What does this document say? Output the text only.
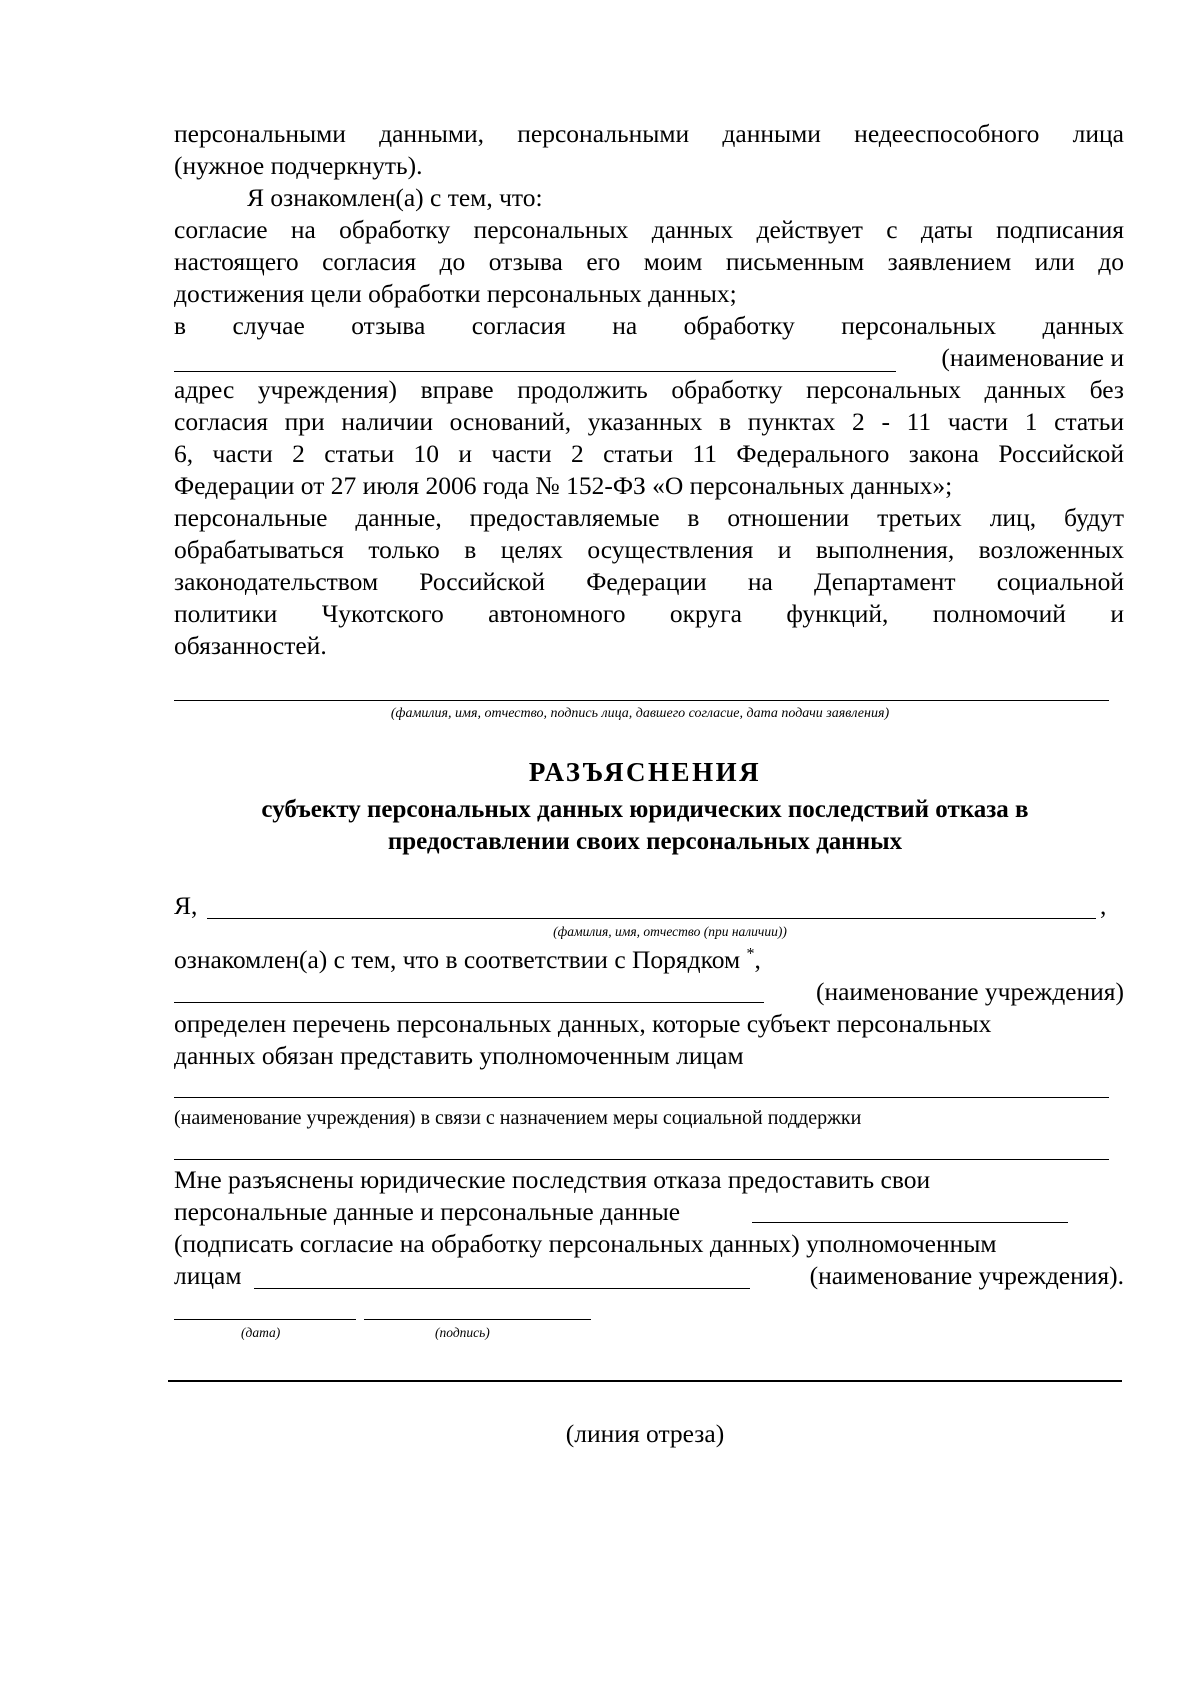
персональными данными, персональными данными недееспособного лица
(нужное подчеркнуть).
Я ознакомлен(а) с тем, что:
согласие на обработку персональных данных действует с даты подписания
настоящего согласия до отзыва его моим письменным заявлением или до
достижения цели обработки персональных данных;
в случае отзыва согласия на обработку персональных данных
(наименование и
адрес учреждения) вправе продолжить обработку персональных данных без
согласия при наличии оснований, указанных в пунктах 2 - 11 части 1 статьи
6, части 2 статьи 10 и части 2 статьи 11 Федерального закона Российской
Федерации от 27 июля 2006 года № 152-ФЗ «О персональных данных»;
персональные данные, предоставляемые в отношении третьих лиц, будут
обрабатываться только в целях осуществления и выполнения, возложенных
законодательством Российской Федерации на Департамент социальной
политики Чукотского автономного округа функций, полномочий и
обязанностей.
(фамилия, имя, отчество, подпись лица, давшего согласие, дата подачи заявления)
РАЗЪЯСНЕНИЯ
субъекту персональных данных юридических последствий отказа в
предоставлении своих персональных данных
Я,	,
(фамилия, имя, отчество (при наличии))
ознакомлен(а) с тем, что в соответствии с Порядком *,
(наименование учреждения)
определен перечень персональных данных, которые субъект персональных
данных обязан представить уполномоченным лицам
(наименование учреждения) в связи с назначением меры социальной поддержки
Мне разъяснены юридические последствия отказа предоставить свои
персональные данные и персональные данные
(подписать согласие на обработку персональных данных) уполномоченным
лицам	(наименование учреждения).
(дата)	(подпись)
(линия отреза)
